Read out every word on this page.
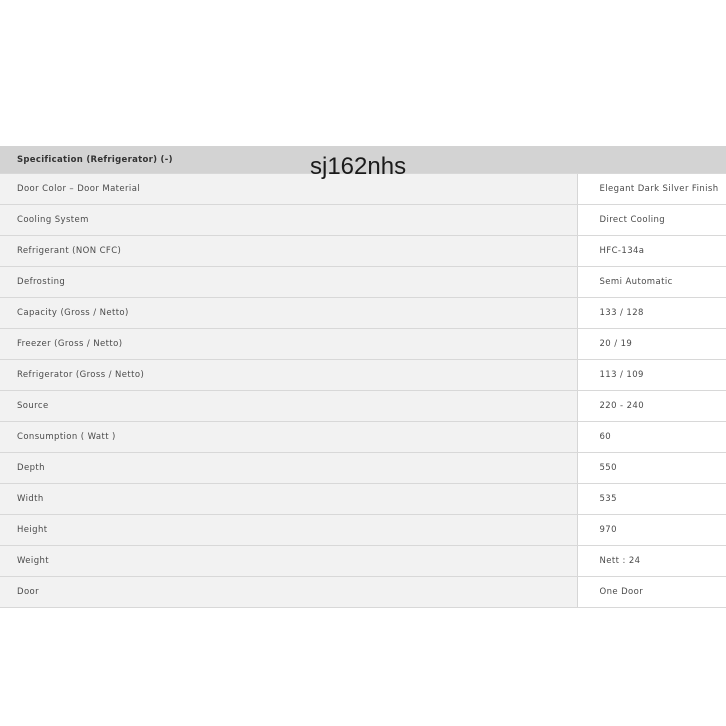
Specification (Refrigerator) (-)	
Door Color – Door Material	Elegant Dark Silver Finish
Cooling System	Direct Cooling
Refrigerant (NON CFC)	HFC-134a
Defrosting	Semi Automatic
Capacity (Gross / Netto)	133 / 128
Freezer (Gross / Netto)	20 / 19
Refrigerator (Gross / Netto)	113 / 109
Source	220 - 240
Consumption ( Watt )	60
Depth	550
Width	535
Height	970
Weight	Nett : 24
Door	One Door
sj162nhs
